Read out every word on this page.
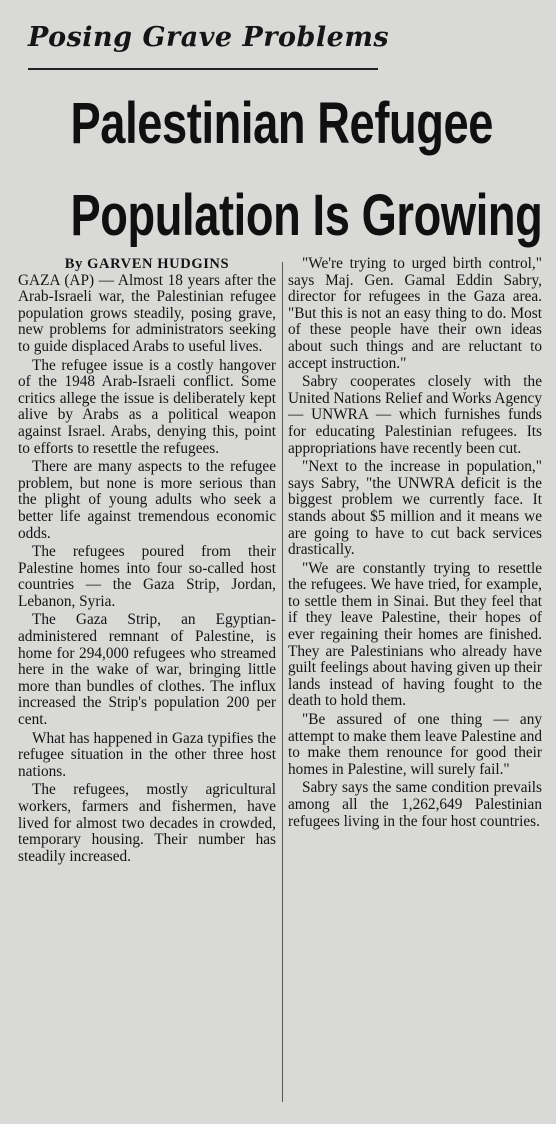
Posing Grave Problems
Palestinian Refugee
Population Is Growing
By GARVEN HUDGINS

GAZA (AP) — Almost 18 years after the Arab-Israeli war, the Palestinian refugee population grows steadily, posing grave, new problems for administrators seeking to guide displaced Arabs to useful lives.

The refugee issue is a costly hangover of the 1948 Arab-Israeli conflict. Some critics allege the issue is deliberately kept alive by Arabs as a political weapon against Israel. Arabs, denying this, point to efforts to resettle the refugees.

There are many aspects to the refugee problem, but none is more serious than the plight of young adults who seek a better life against tremendous economic odds.

The refugees poured from their Palestine homes into four so-called host countries — the Gaza Strip, Jordan, Lebanon, Syria.

The Gaza Strip, an Egyptian-administered remnant of Palestine, is home for 294,000 refugees who streamed here in the wake of war, bringing little more than bundles of clothes. The influx increased the Strip's population 200 per cent.

What has happened in Gaza typifies the refugee situation in the other three host nations.

The refugees, mostly agricultural workers, farmers and fishermen, have lived for almost two decades in crowded, temporary housing. Their number has steadily increased.

"We're trying to urged birth control," says Maj. Gen. Gamal Eddin Sabry, director for refugees in the Gaza area. "But this is not an easy thing to do. Most of these people have their own ideas about such things and are reluctant to accept instruction."

Sabry cooperates closely with the United Nations Relief and Works Agency — UNWRA — which furnishes funds for educating Palestinian refugees. Its appropriations have recently been cut.

"Next to the increase in population," says Sabry, "the UNWRA deficit is the biggest problem we currently face. It stands about $5 million and it means we are going to have to cut back services drastically.

"We are constantly trying to resettle the refugees. We have tried, for example, to settle them in Sinai. But they feel that if they leave Palestine, their hopes of ever regaining their homes are finished. They are Palestinians who already have guilt feelings about having given up their lands instead of having fought to the death to hold them.

"Be assured of one thing — any attempt to make them leave Palestine and to make them renounce for good their homes in Palestine, will surely fail."

Sabry says the same condition prevails among all the 1,262,649 Palestinian refugees living in the four host countries.
